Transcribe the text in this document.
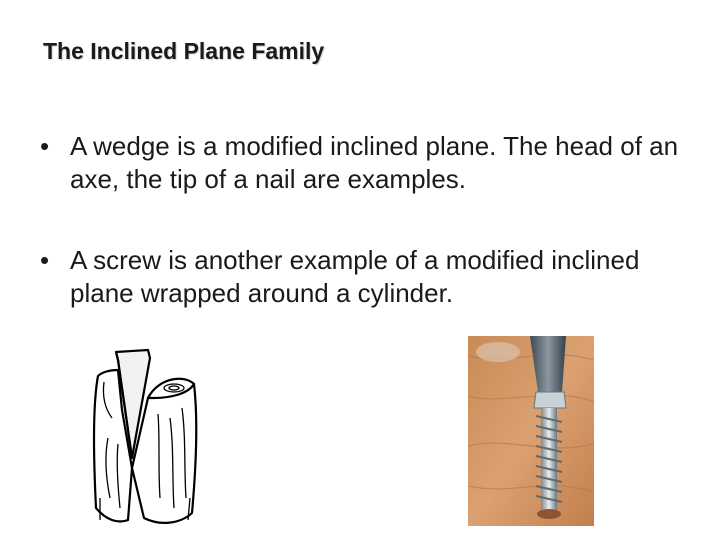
The Inclined Plane Family
• A wedge is a modified inclined plane. The head of an axe, the tip of a nail are examples.
• A screw is another example of a modified inclined plane wrapped around a cylinder.
